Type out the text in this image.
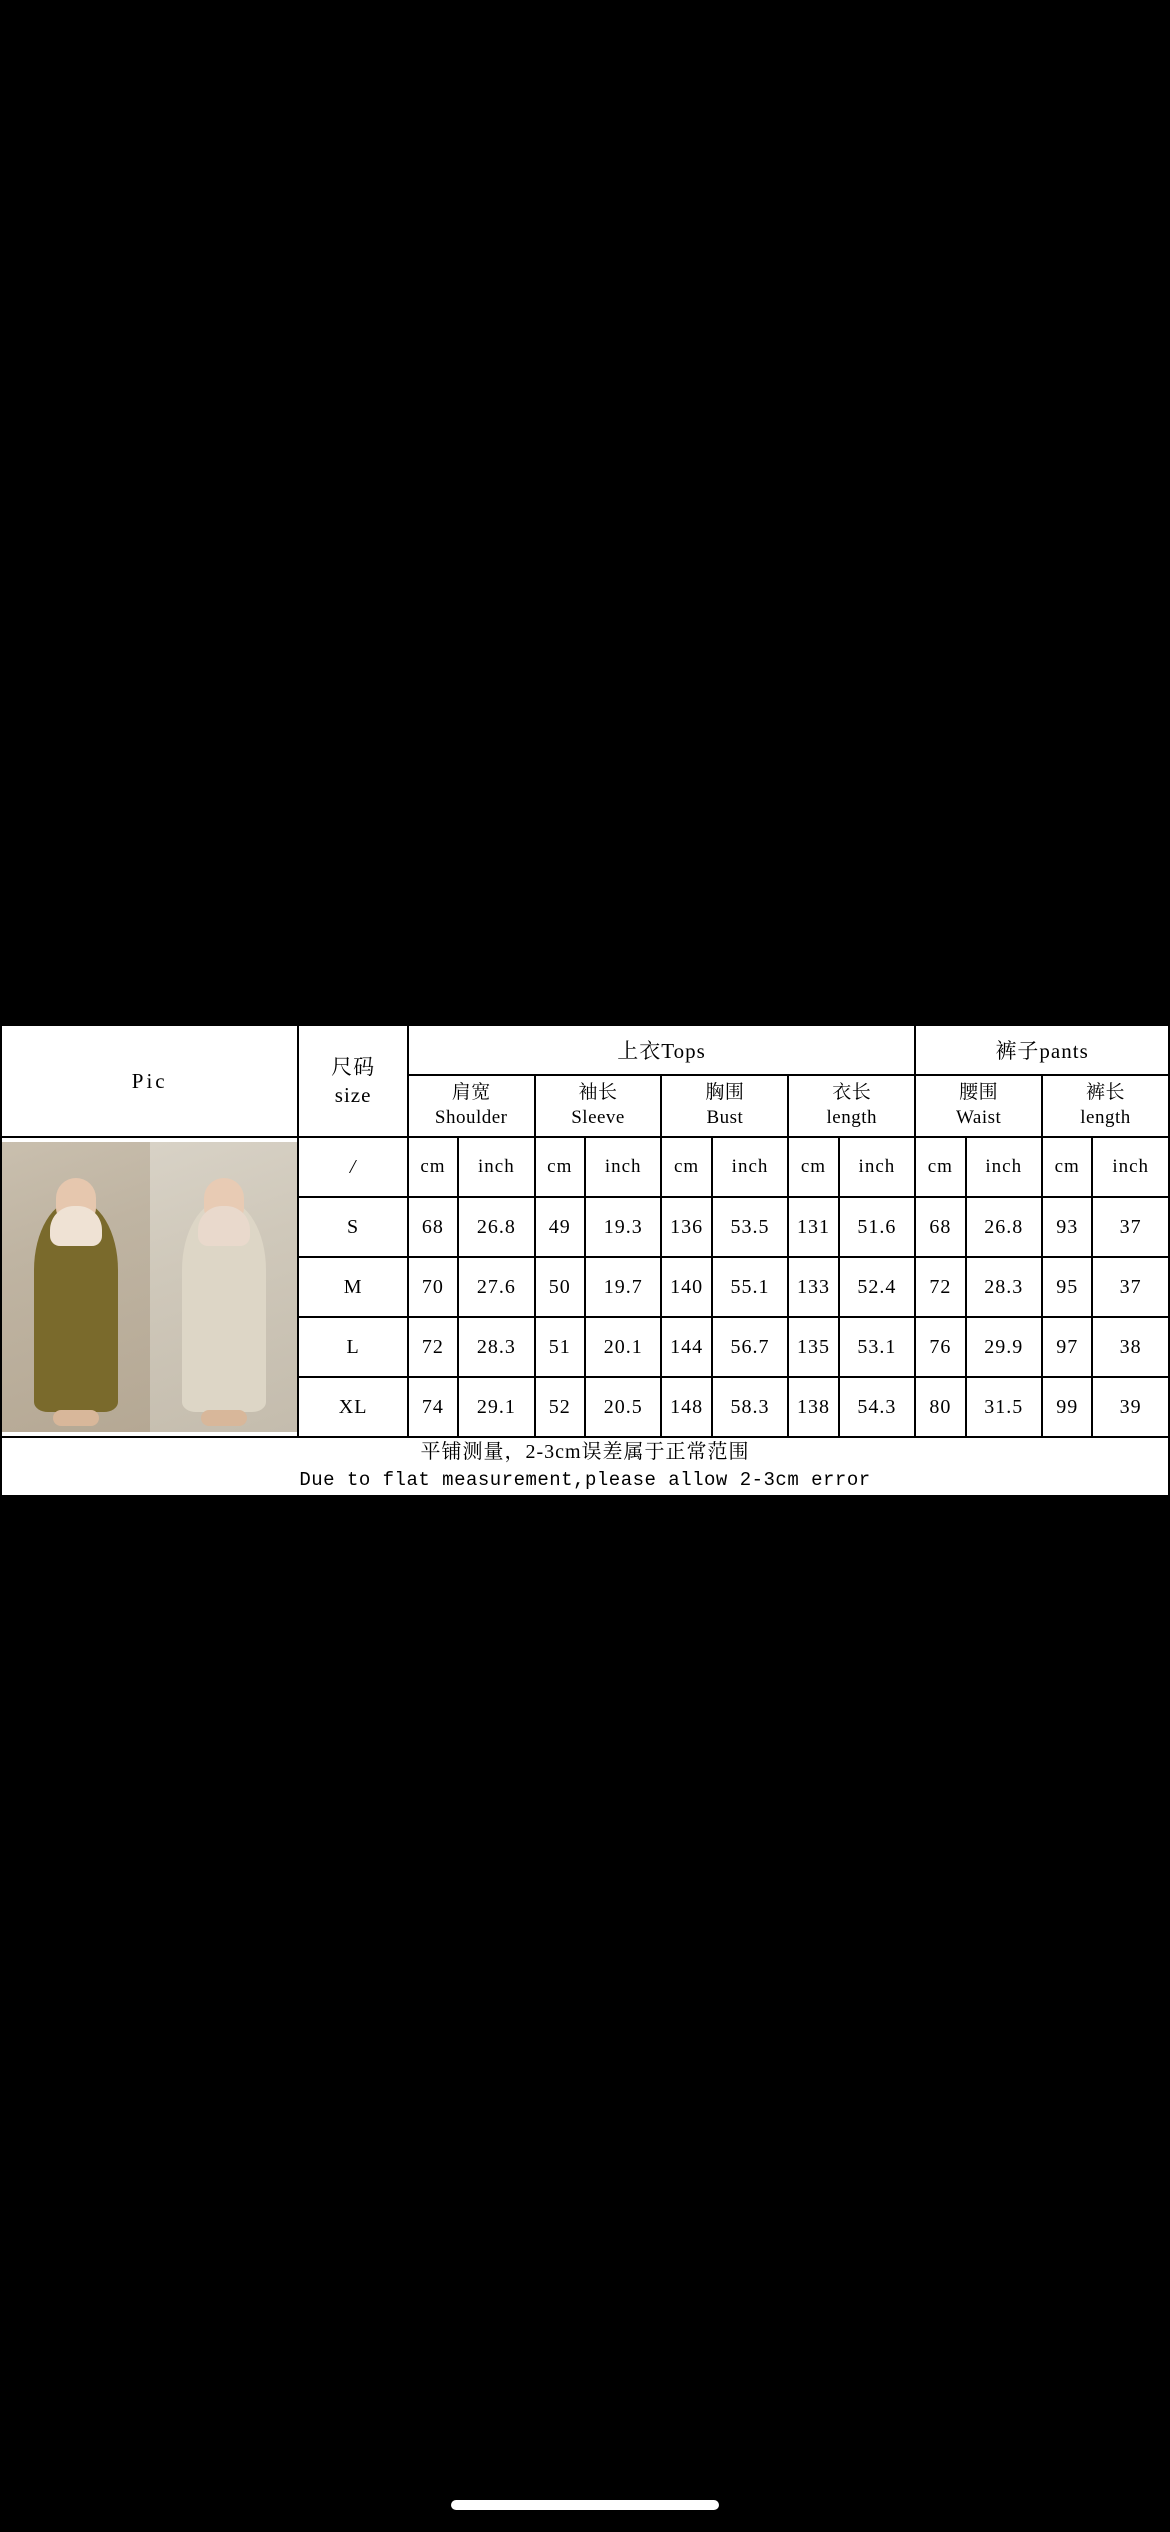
Pic	尺码
size	上衣Tops								裤子pants			

肩宽
Shoulder

袖长
Sleeve

胸围
Bust

衣长
length

腰围
Waist

裤长
length

	/	cm	inch	cm	inch	cm	inch	cm	inch	cm	inch	cm	inch
	S	68	26.8	49	19.3	136	53.5	131	51.6	68	26.8	93	37
	M	70	27.6	50	19.7	140	55.1	133	52.4	72	28.3	95	37
	L	72	28.3	51	20.1	144	56.7	135	53.1	76	29.9	97	38
	XL	74	29.1	52	20.5	148	58.3	138	54.3	80	31.5	99	39

平铺测量，2-3cm误差属于正常范围
Due to flat measurement,please allow 2-3cm error													
